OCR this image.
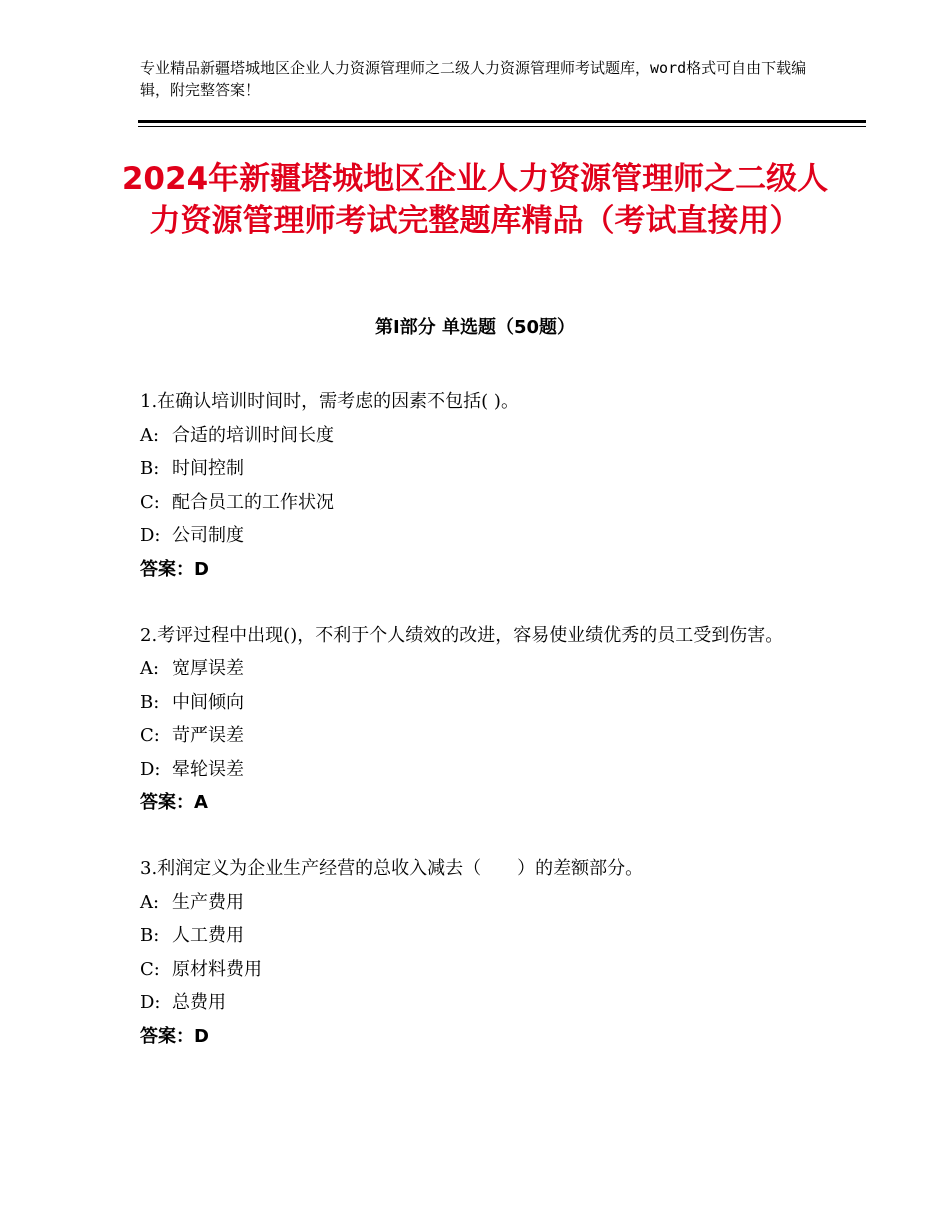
专业精品新疆塔城地区企业人力资源管理师之二级人力资源管理师考试题库，word格式可自由下载编辑，附完整答案！
2024年新疆塔城地区企业人力资源管理师之二级人力资源管理师考试完整题库精品（考试直接用）
第Ⅰ部分 单选题（50题）
1.在确认培训时间时，需考虑的因素不包括( )。
A: 合适的培训时间长度
B: 时间控制
C: 配合员工的工作状况
D: 公司制度
答案：D
2.考评过程中出现()，不利于个人绩效的改进，容易使业绩优秀的员工受到伤害。
A: 宽厚误差
B: 中间倾向
C: 苛严误差
D: 晕轮误差
答案：A
3.利润定义为企业生产经营的总收入减去（　　）的差额部分。
A: 生产费用
B: 人工费用
C: 原材料费用
D: 总费用
答案：D
